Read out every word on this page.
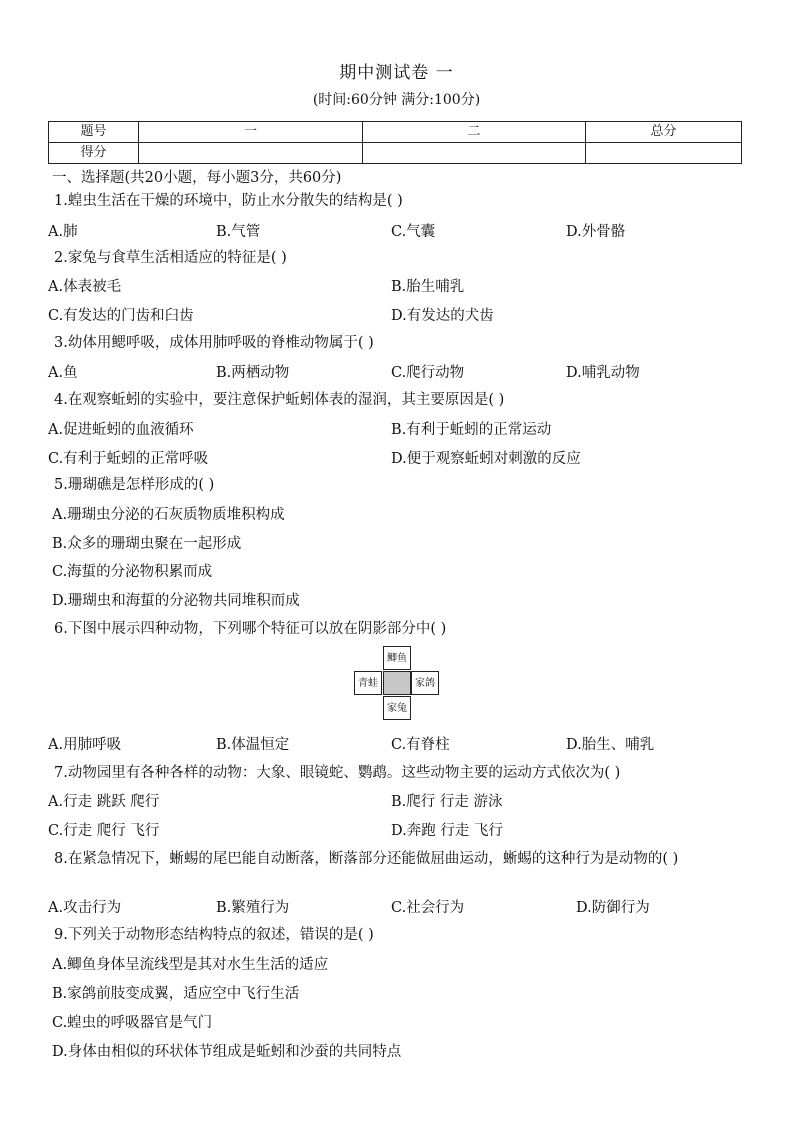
期中测试卷 一
(时间:60分钟 满分:100分)
题号	一	二	总分
得分			
一、选择题(共20小题，每小题3分，共60分)
1.蝗虫生活在干燥的环境中，防止水分散失的结构是( )
A.肺	B.气管	C.气囊	D.外骨骼
2.家兔与食草生活相适应的特征是( )
A.体表被毛	B.胎生哺乳
C.有发达的门齿和臼齿	D.有发达的犬齿
3.幼体用鳃呼吸，成体用肺呼吸的脊椎动物属于( )
A.鱼	B.两栖动物	C.爬行动物	D.哺乳动物
4.在观察蚯蚓的实验中，要注意保护蚯蚓体表的湿润，其主要原因是( )
A.促进蚯蚓的血液循环	B.有利于蚯蚓的正常运动
C.有利于蚯蚓的正常呼吸	D.便于观察蚯蚓对刺激的反应
5.珊瑚礁是怎样形成的( )
A.珊瑚虫分泌的石灰质物质堆积构成
B.众多的珊瑚虫聚在一起形成
C.海蜇的分泌物积累而成
D.珊瑚虫和海蜇的分泌物共同堆积而成
6.下图中展示四种动物，下列哪个特征可以放在阴影部分中( )
鲫鱼
青蛙	家鸽
家兔
A.用肺呼吸	B.体温恒定	C.有脊柱	D.胎生、哺乳
7.动物园里有各种各样的动物：大象、眼镜蛇、鹦鹉。这些动物主要的运动方式依次为( )
A.行走 跳跃 爬行	B.爬行 行走 游泳
C.行走 爬行 飞行	D.奔跑 行走 飞行
8.在紧急情况下，蜥蜴的尾巴能自动断落，断落部分还能做屈曲运动，蜥蜴的这种行为是动物的( )
A.攻击行为	B.繁殖行为	C.社会行为	D.防御行为
9.下列关于动物形态结构特点的叙述，错误的是( )
A.鲫鱼身体呈流线型是其对水生生活的适应
B.家鸽前肢变成翼，适应空中飞行生活
C.蝗虫的呼吸器官是气门
D.身体由相似的环状体节组成是蚯蚓和沙蚕的共同特点
